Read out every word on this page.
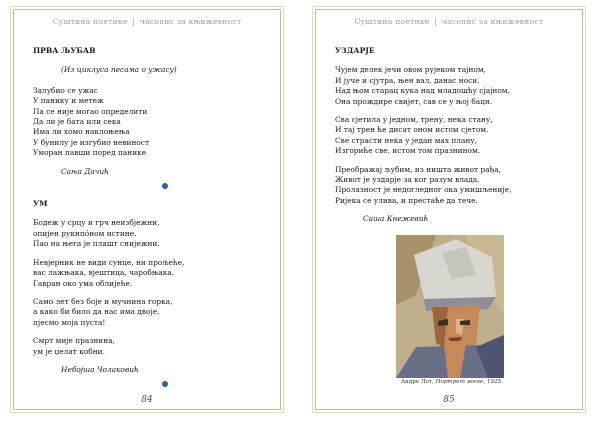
Суштина поетике | часопис за књижевност
ПРВА ЉУБАВ
(Из циклуса песама о ужасу)
Залубио се ужас
У панику и метеж
Па се није могао определити
Да ли је бата или сека
Има ли хомо наклоњења
У бунилу је изгубио невиност
Уморан павши поред панике
Сања Дачић
УМ
Бодеж у срцу и грч неизбјежни,
опијен рукнпо́ном истине.
Пао на њега је плашт снијежни.
Невјерник не види сунце, ни прољеће,
вас лажњака, вјештица, чаробњака.
Гавран око ума облијеће.
Само лет без боје и мучнина горка,
а како би било да нас има двоје,
пјесмо моја пуста!
Смрт мије празнина,
ум је џелат кобни.
Небојша Чолаковић
84
Суштина поетике | часопис за књижевност
УЗДАРЈЕ
Чујем делек јечи овом рујеком тајном,
И јуче и сјутра, њен вал, данас носи,
Над њом старац кука над младошћу сјајном,
Она прождире свијет, сав се у њој бацн.
Сва сјетила у једном, трену, нека стану,
И тај трен ће дисат оном истом сјетом.
Све страсти нека у један мах плану,
Изгориће све, истом том празнином.
Преображај љубим, из ништа живот рађа,
Живот је уздарје за ког разум влада,
Пролазност је недогледног ока умишљеније,
Ријека се улива, и престаће да тече.
Саша Кнежевић
Андре Лот, Портрет жене, 1925
85
